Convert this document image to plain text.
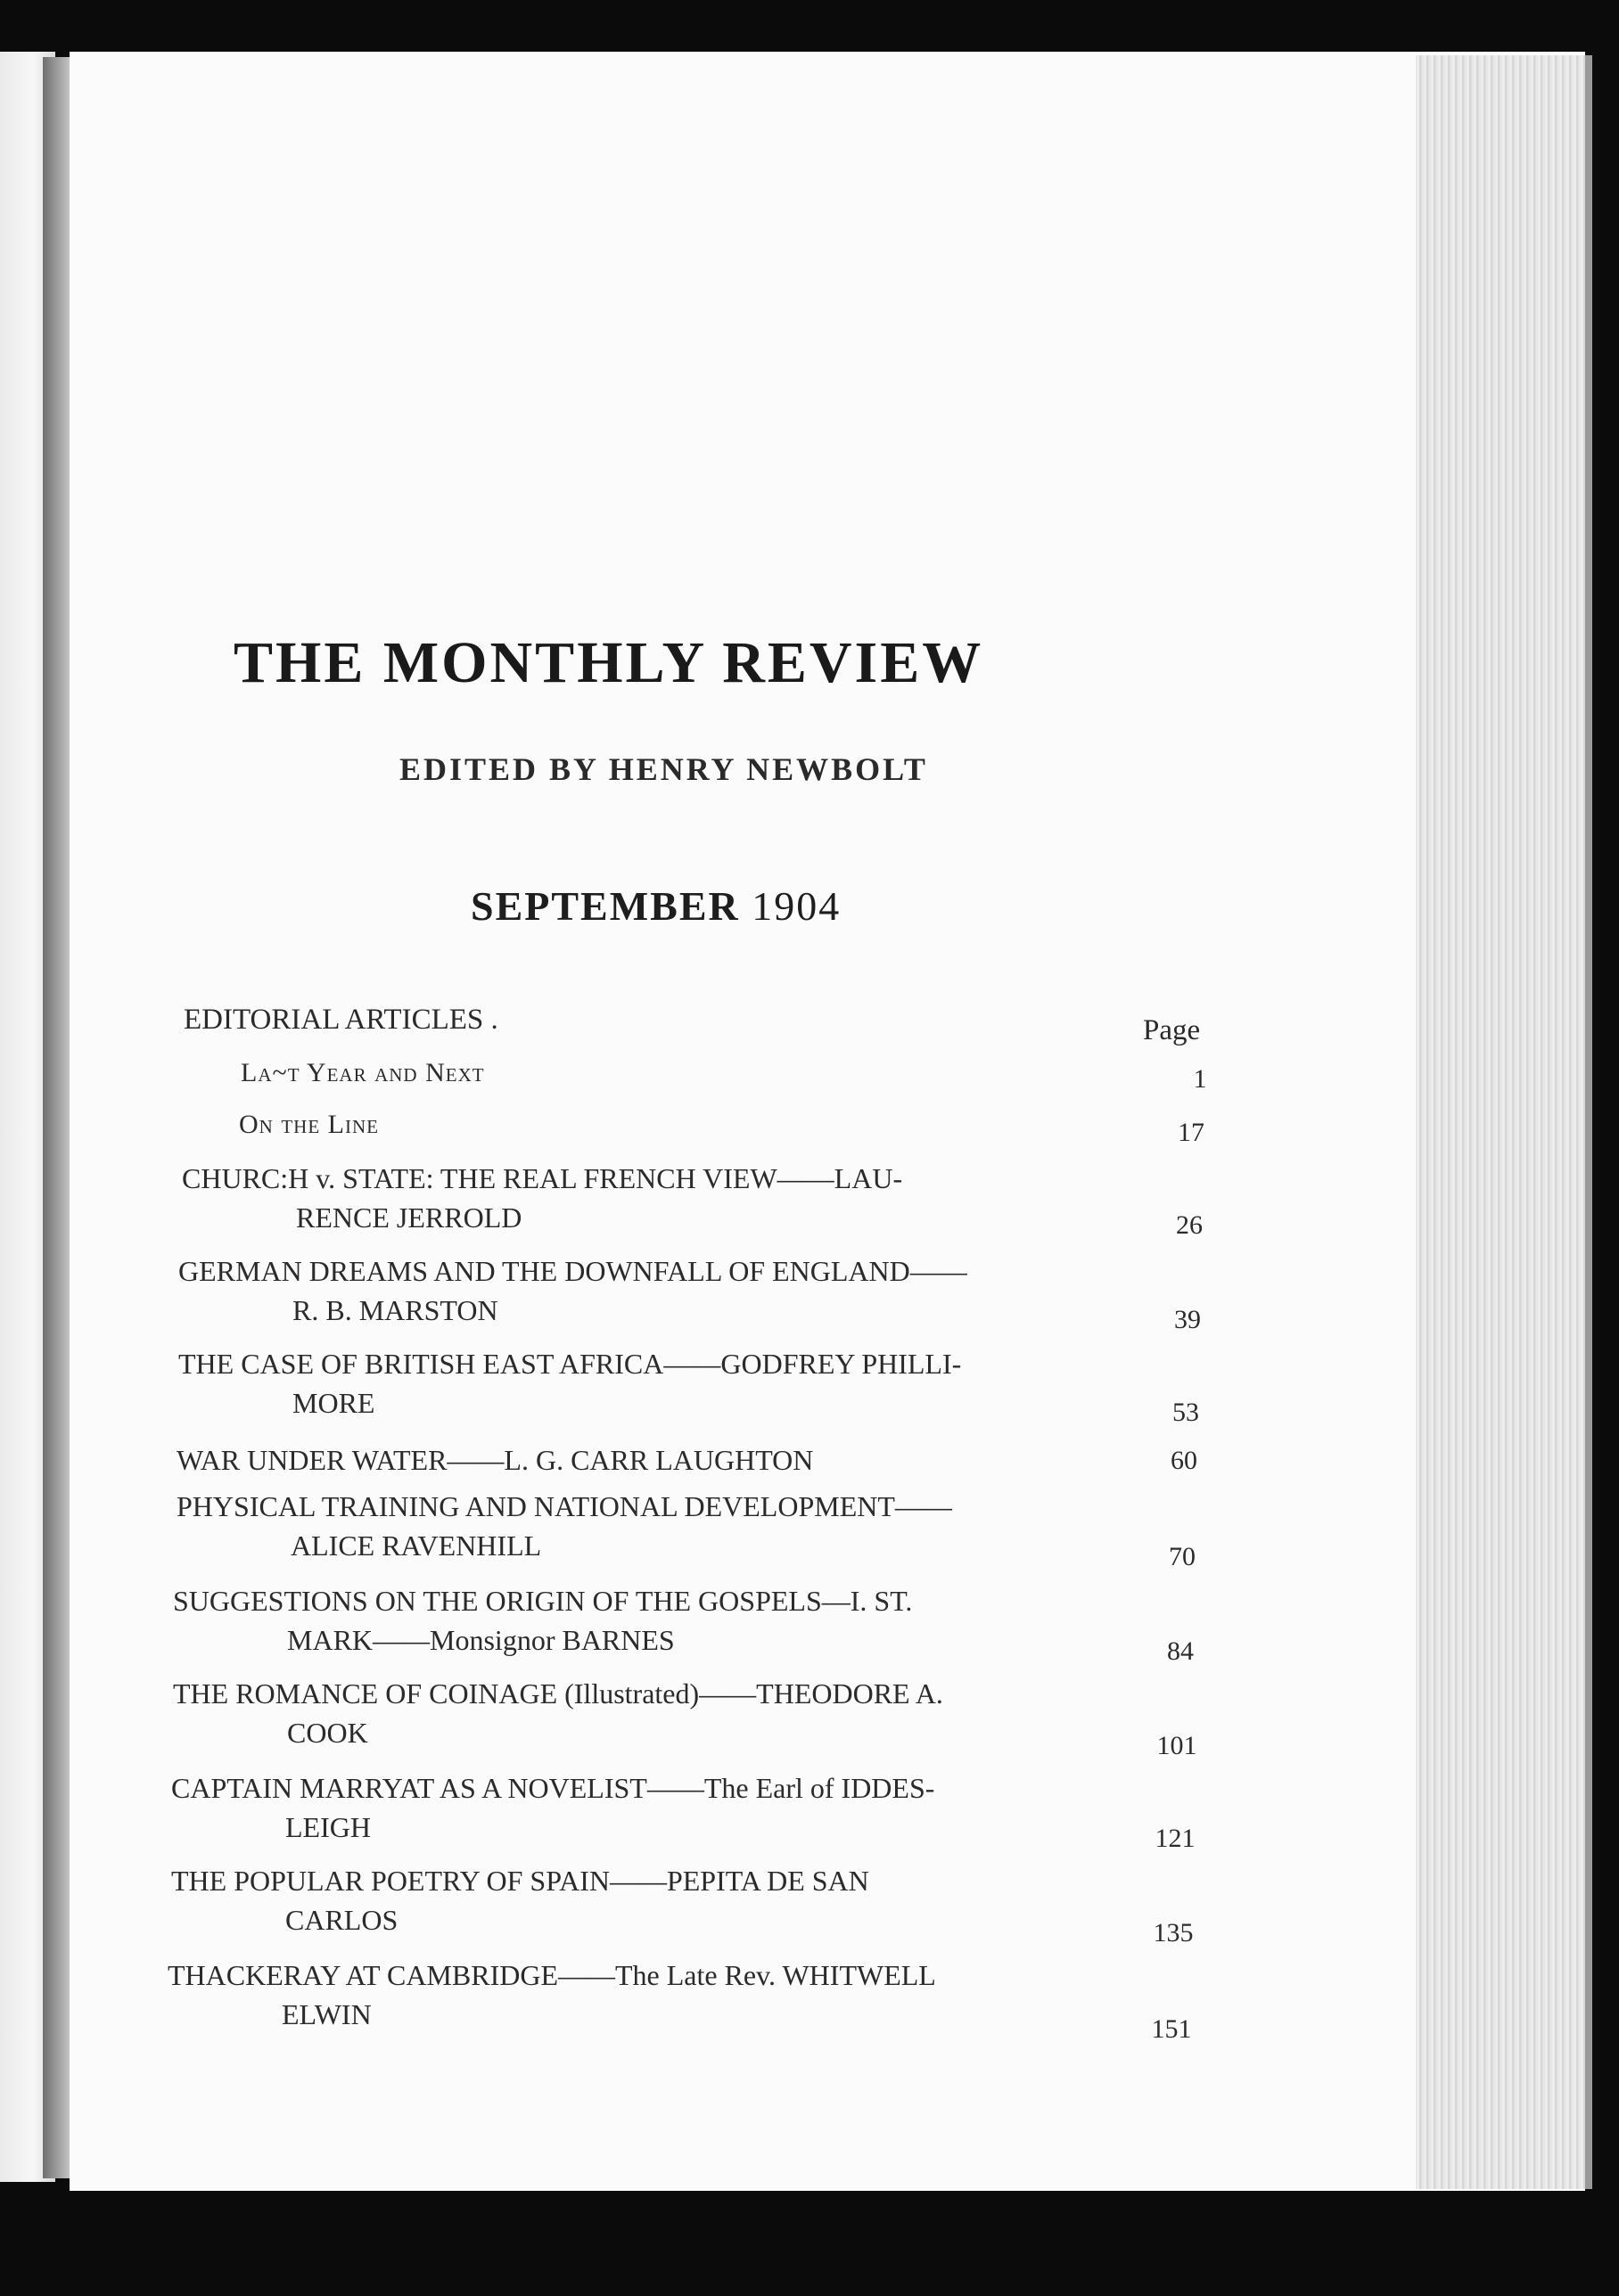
THE MONTHLY REVIEW
EDITED BY HENRY NEWBOLT
SEPTEMBER 1904
EDITORIAL ARTICLES .	Page
La~t Year and Next	1
On the Line	17
CHURC:H v. STATE: THE REAL FRENCH VIEW——LAU-
RENCE JERROLD	26
GERMAN DREAMS AND THE DOWNFALL OF ENGLAND——
R. B. MARSTON	39
THE CASE OF BRITISH EAST AFRICA——GODFREY PHILLI-
MORE	53
WAR UNDER WATER——L. G. CARR LAUGHTON	60
PHYSICAL TRAINING AND NATIONAL DEVELOPMENT——
ALICE RAVENHILL	70
SUGGESTIONS ON THE ORIGIN OF THE GOSPELS—I. ST.
MARK——Monsignor BARNES	84
THE ROMANCE OF COINAGE (Illustrated)——THEODORE A.
COOK	101
CAPTAIN MARRYAT AS A NOVELIST——The Earl of IDDES-
LEIGH	121
THE POPULAR POETRY OF SPAIN——PEPITA DE SAN
CARLOS	135
THACKERAY AT CAMBRIDGE——The Late Rev. WHITWELL
ELWIN	151
